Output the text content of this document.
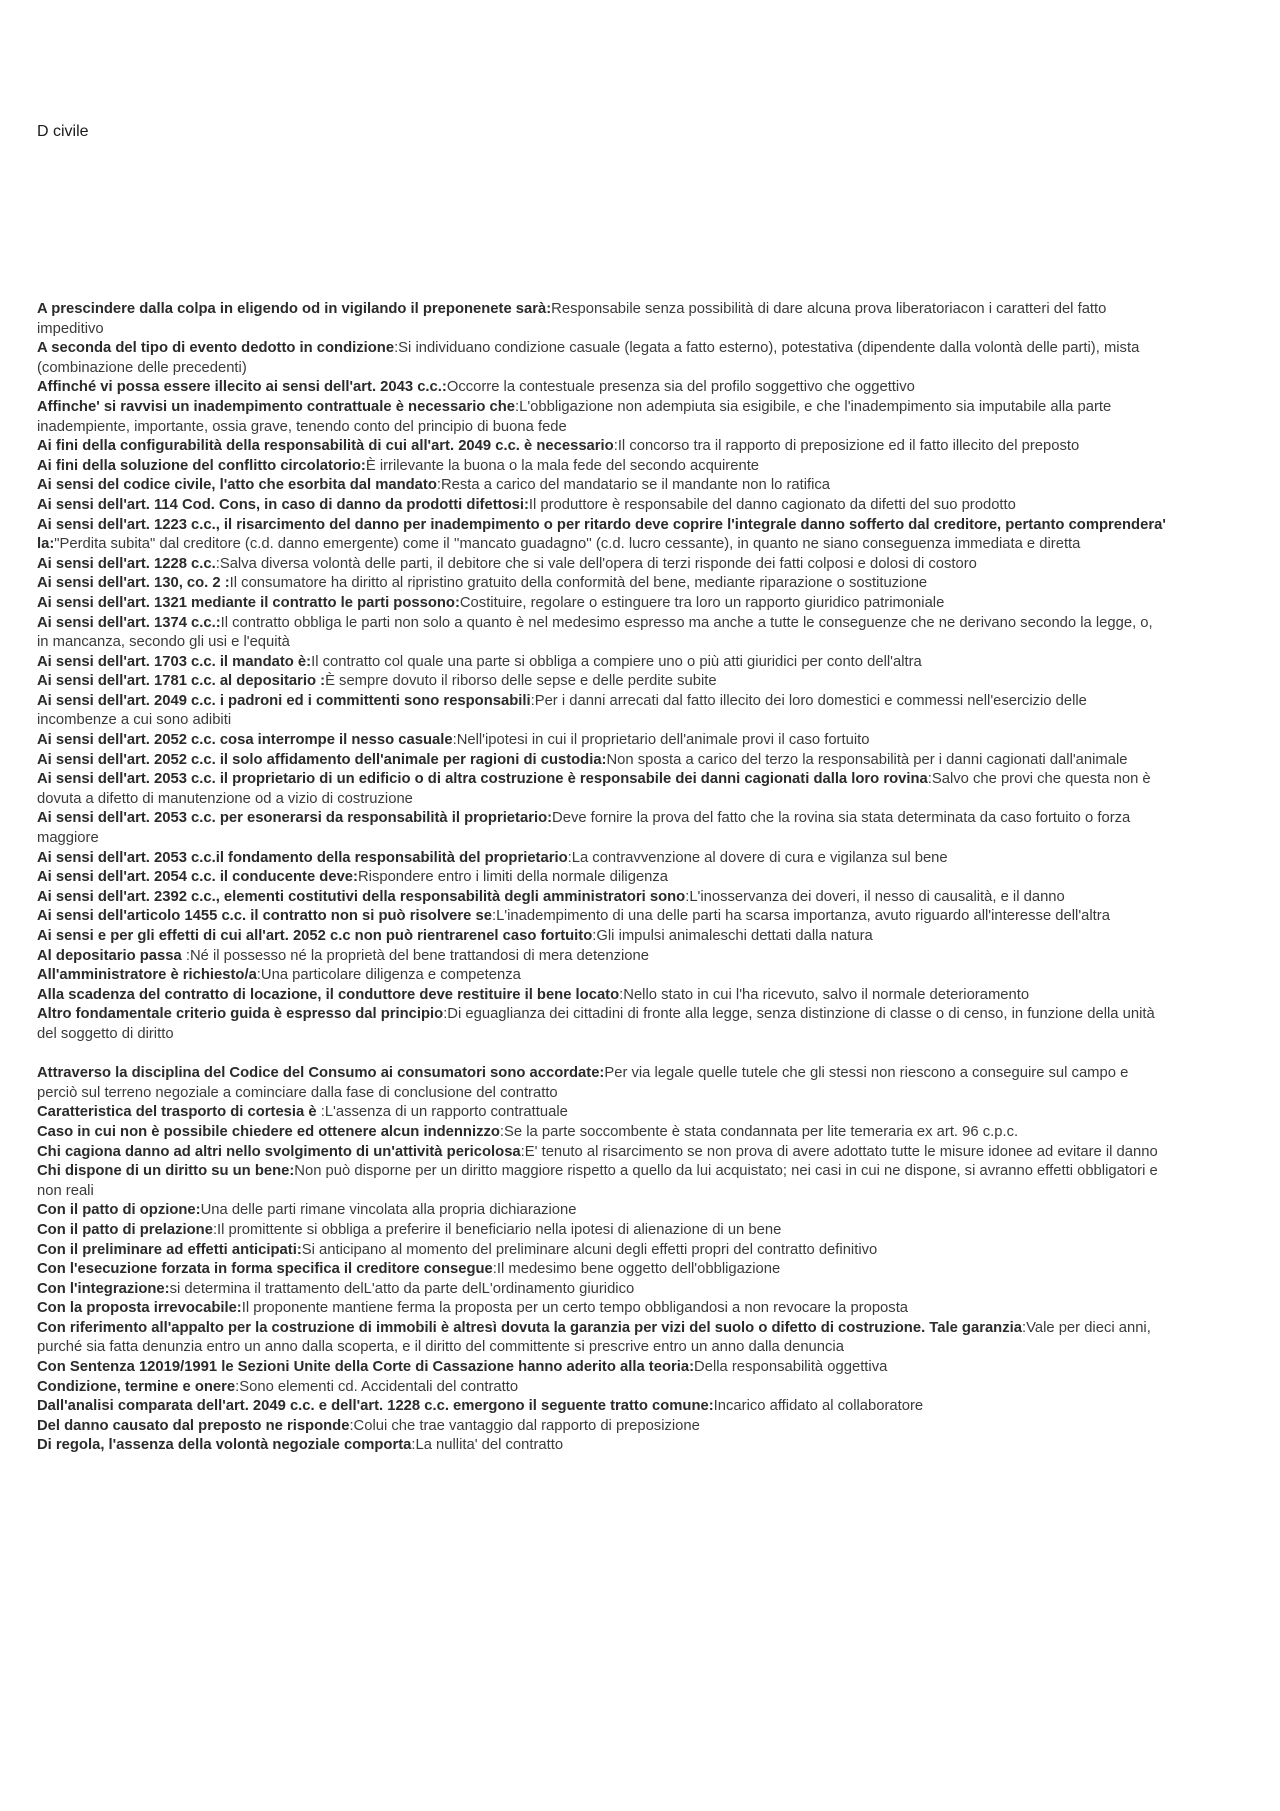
D civile

A prescindere dalla colpa in eligendo od in vigilando il preponenete sarà:Responsabile senza possibilità di dare alcuna prova liberatoriacon i caratteri del fatto impeditivo

A seconda del tipo di evento dedotto in condizione:Si individuano condizione casuale (legata a fatto esterno), potestativa (dipendente dalla volontà delle parti), mista (combinazione delle precedenti)

Affinché vi possa essere illecito ai sensi dell'art. 2043 c.c.:Occorre la contestuale presenza sia del profilo soggettivo che oggettivo

Affinche' si ravvisi un inadempimento contrattuale è necessario che:L'obbligazione non adempiuta sia esigibile, e che l'inadempimento sia imputabile alla parte inadempiente, importante, ossia grave, tenendo conto del principio di buona fede

Ai fini della configurabilità della responsabilità di cui all'art. 2049 c.c. è necessario:Il concorso tra il rapporto di preposizione ed il fatto illecito del preposto

Ai fini della soluzione del conflitto circolatorio:È irrilevante la buona o la mala fede del secondo acquirente

Ai sensi del codice civile, l'atto che esorbita dal mandato:Resta a carico del mandatario se il mandante non lo ratifica

Ai sensi dell'art. 114 Cod. Cons, in caso di danno da prodotti difettosi:Il produttore è responsabile del danno cagionato da difetti del suo prodotto

Ai sensi dell'art. 1223 c.c., il risarcimento del danno per inadempimento o per ritardo deve coprire l'integrale danno sofferto dal creditore, pertanto comprendera' la:"Perdita subita" dal creditore (c.d. danno emergente) come il ''mancato guadagno'' (c.d. lucro cessante), in quanto ne siano conseguenza immediata e diretta

Ai sensi dell'art. 1228 c.c.:Salva diversa volontà delle parti, il debitore che si vale dell'opera di terzi risponde dei fatti colposi e dolosi di costoro

Ai sensi dell'art. 130, co. 2 :Il consumatore ha diritto al ripristino gratuito della conformità del bene, mediante riparazione o sostituzione

Ai sensi dell'art. 1321 mediante il contratto le parti possono:Costituire, regolare o estinguere tra loro un rapporto giuridico patrimoniale

Ai sensi dell'art. 1374 c.c.:Il contratto obbliga le parti non solo a quanto è nel medesimo espresso ma anche a tutte le conseguenze che ne derivano secondo la legge, o, in mancanza, secondo gli usi e l'equità

Ai sensi dell'art. 1703 c.c. il mandato è:Il contratto col quale una parte si obbliga a compiere uno o più atti giuridici per conto dell'altra

Ai sensi dell'art. 1781 c.c. al depositario :È sempre dovuto il riborso delle sepse e delle perdite subite

Ai sensi dell'art. 2049 c.c. i padroni ed i committenti sono responsabili:Per i danni arrecati dal fatto illecito dei loro domestici e commessi nell'esercizio delle incombenze a cui sono adibiti

Ai sensi dell'art. 2052 c.c. cosa interrompe il nesso casuale:Nell'ipotesi in cui il proprietario dell'animale provi il caso fortuito

Ai sensi dell'art. 2052 c.c. il solo affidamento dell'animale per ragioni di custodia:Non sposta a carico del terzo la responsabilità per i danni cagionati dall'animale

Ai sensi dell'art. 2053 c.c. il proprietario di un edificio o di altra costruzione è responsabile dei danni cagionati dalla loro rovina:Salvo che provi che questa non è dovuta a difetto di manutenzione od a vizio di costruzione

Ai sensi dell'art. 2053 c.c. per esonerarsi da responsabilità il proprietario:Deve fornire la prova del fatto che la rovina sia stata determinata da caso fortuito o forza maggiore

Ai sensi dell'art. 2053 c.c.il fondamento della responsabilità del proprietario:La contravvenzione al dovere di cura e vigilanza sul bene

Ai sensi dell'art. 2054 c.c. il conducente deve:Rispondere entro i limiti della normale diligenza

Ai sensi dell'art. 2392 c.c., elementi costitutivi della responsabilità degli amministratori sono:L'inosservanza dei doveri, il nesso di causalità, e il danno

Ai sensi dell'articolo 1455 c.c. il contratto non si può risolvere se:L'inadempimento di una delle parti ha scarsa importanza, avuto riguardo all'interesse dell'altra

Ai sensi e per gli effetti di cui all'art. 2052 c.c non può rientrarenel caso fortuito:Gli impulsi animaleschi dettati dalla natura

Al depositario passa :Né il possesso né la proprietà del bene trattandosi di mera detenzione

All'amministratore è richiesto/a:Una particolare diligenza e competenza

Alla scadenza del contratto di locazione, il conduttore deve restituire il bene locato:Nello stato in cui l'ha ricevuto, salvo il normale deterioramento

Altro fondamentale criterio guida è espresso dal principio:Di eguaglianza dei cittadini di fronte alla legge, senza distinzione di classe o di censo, in funzione della unità del soggetto di diritto

Attraverso la disciplina del Codice del Consumo ai consumatori sono accordate:Per via legale quelle tutele che gli stessi non riescono a conseguire sul campo e perciò sul terreno negoziale a cominciare dalla fase di conclusione del contratto

Caratteristica del trasporto di cortesia è :L'assenza di un rapporto contrattuale

Caso in cui non è possibile chiedere ed ottenere alcun indennizzo:Se la parte soccombente è stata condannata per lite temeraria ex art. 96 c.p.c.

Chi cagiona danno ad altri nello svolgimento di un'attività pericolosa:E' tenuto al risarcimento se non prova di avere adottato tutte le misure idonee ad evitare il danno

Chi dispone di un diritto su un bene:Non può disporne per un diritto maggiore rispetto a quello da lui acquistato; nei casi in cui ne dispone, si avranno effetti obbligatori e non reali

Con il patto di opzione:Una delle parti rimane vincolata alla propria dichiarazione

Con il patto di prelazione:Il promittente si obbliga a preferire il beneficiario nella ipotesi di alienazione di un bene

Con il preliminare ad effetti anticipati:Si anticipano al momento del preliminare alcuni degli effetti propri del contratto definitivo

Con l'esecuzione forzata in forma specifica il creditore consegue:Il medesimo bene oggetto dell'obbligazione

Con l'integrazione:si determina il trattamento delL'atto da parte delL'ordinamento giuridico

Con la proposta irrevocabile:Il proponente mantiene ferma la proposta per un certo tempo obbligandosi a non revocare la proposta

Con riferimento all'appalto per la costruzione di immobili è altresì dovuta la garanzia per vizi del suolo o difetto di costruzione. Tale garanzia:Vale per dieci anni, purché sia fatta denunzia entro un anno dalla scoperta, e il diritto del committente si prescrive entro un anno dalla denuncia

Con Sentenza 12019/1991 le Sezioni Unite della Corte di Cassazione hanno aderito alla teoria:Della responsabilità oggettiva

Condizione, termine e onere:Sono elementi cd. Accidentali del contratto

Dall'analisi comparata dell'art. 2049 c.c. e dell'art. 1228 c.c. emergono il seguente tratto comune:Incarico affidato al collaboratore

Del danno causato dal preposto ne risponde:Colui che trae vantaggio dal rapporto di preposizione

Di regola, l'assenza della volontà negoziale comporta:La nullita' del contratto
